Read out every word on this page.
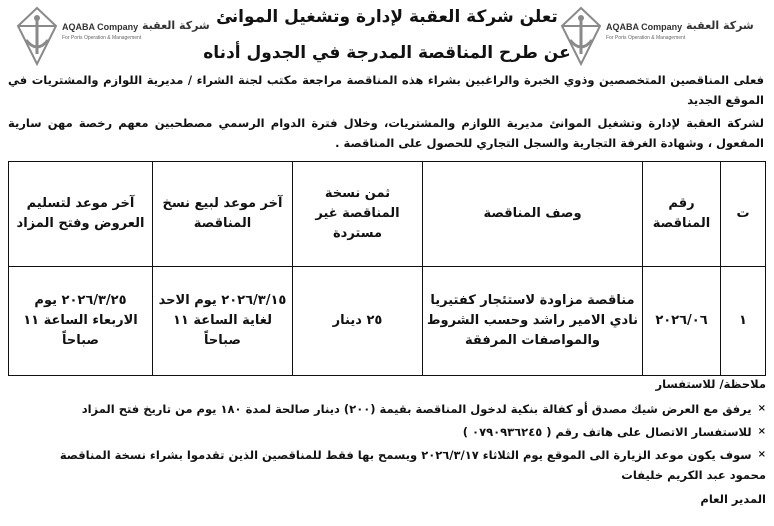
AQABA Company شركة العقبة
For Ports Operation & Management
AQABA Company شركة العقبة
For Ports Operation & Management
تعلن شركة العقبة لإدارة وتشغيل الموانئ
عن طرح المناقصة المدرجة في الجدول أدناه
فعلى المناقصين المتخصصين وذوي الخبرة والراغبين بشراء هذه المناقصة مراجعة مكتب لجنة الشراء / مديرية اللوازم والمشتريات في الموقع الجديد
لشركة العقبة لإدارة وتشغيل الموانئ مديرية اللوازم والمشتريات، وخلال فترة الدوام الرسمي مصطحبين معهم رخصة مهن سارية المفعول ، وشهادة الغرفة التجارية والسجل التجاري للحصول على المناقصة .
ت	رقم المناقصة	وصف المناقصة	ثمن نسخة المناقصة غير مستردة	آخر موعد لبيع نسخ المناقصة	آخر موعد لتسليم العروض وفتح المزاد
١	٢٠٢٦/٠٦	مناقصة مزاودة لاستئجار كفتيريا نادي الامير راشد وحسب الشروط والمواصفات المرفقة	٢٥ دينار	٢٠٢٦/٣/١٥ يوم الاحد لغاية الساعة ١١ صباحاً	٢٠٢٦/٣/٢٥ يوم الاربعاء الساعة ١١ صباحاً
ملاحظة/ للاستفسار
×
يرفق مع العرض شيك مصدق أو كفالة بنكية لدخول المناقصة بقيمة (٢٠٠) دينار صالحة لمدة ١٨٠ يوم من تاريخ فتح المزاد
×
للاستفسار الاتصال على هاتف رقم ( ٠٧٩٠٩٣٦٢٤٥ )
×
سوف يكون موعد الزيارة الى الموقع يوم الثلاثاء ٢٠٢٦/٣/١٧ ويسمح بها فقط للمناقصين الذين تقدموا بشراء نسخة المناقصة
محمود عبد الكريم خليفات
المدير العام
